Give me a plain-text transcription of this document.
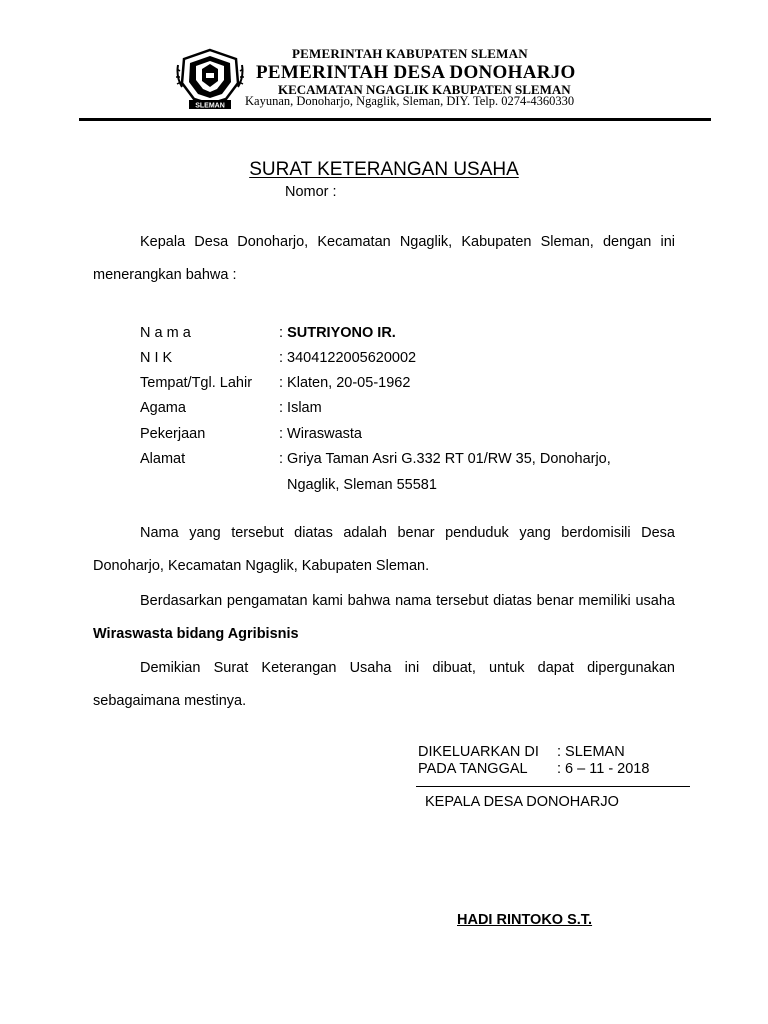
SLEMAN
PEMERINTAH KABUPATEN SLEMAN
PEMERINTAH DESA DONOHARJO
KECAMATAN NGAGLIK KABUPATEN SLEMAN
Kayunan, Donoharjo, Ngaglik, Sleman, DIY. Telp. 0274-4360330
SURAT KETERANGAN USAHA
Nomor :
Kepala Desa Donoharjo, Kecamatan Ngaglik, Kabupaten Sleman, dengan ini menerangkan bahwa :
N a m a	: SUTRIYONO IR.
N I K	: 3404122005620002
Tempat/Tgl. Lahir : Klaten, 20-05-1962
Agama	: Islam
Pekerjaan	: Wiraswasta
Alamat	: Griya Taman Asri G.332 RT 01/RW 35, Donoharjo,
Ngaglik, Sleman 55581
Nama yang tersebut diatas adalah benar penduduk yang berdomisili Desa Donoharjo, Kecamatan Ngaglik, Kabupaten Sleman.
Berdasarkan pengamatan kami bahwa nama tersebut diatas benar memiliki usaha Wiraswasta bidang Agribisnis
Demikian Surat Keterangan Usaha ini dibuat, untuk dapat dipergunakan sebagaimana mestinya.
DIKELUARKAN DI : SLEMAN
PADA TANGGAL : 6 – 11 - 2018
KEPALA DESA DONOHARJO
HADI RINTOKO S.T.
